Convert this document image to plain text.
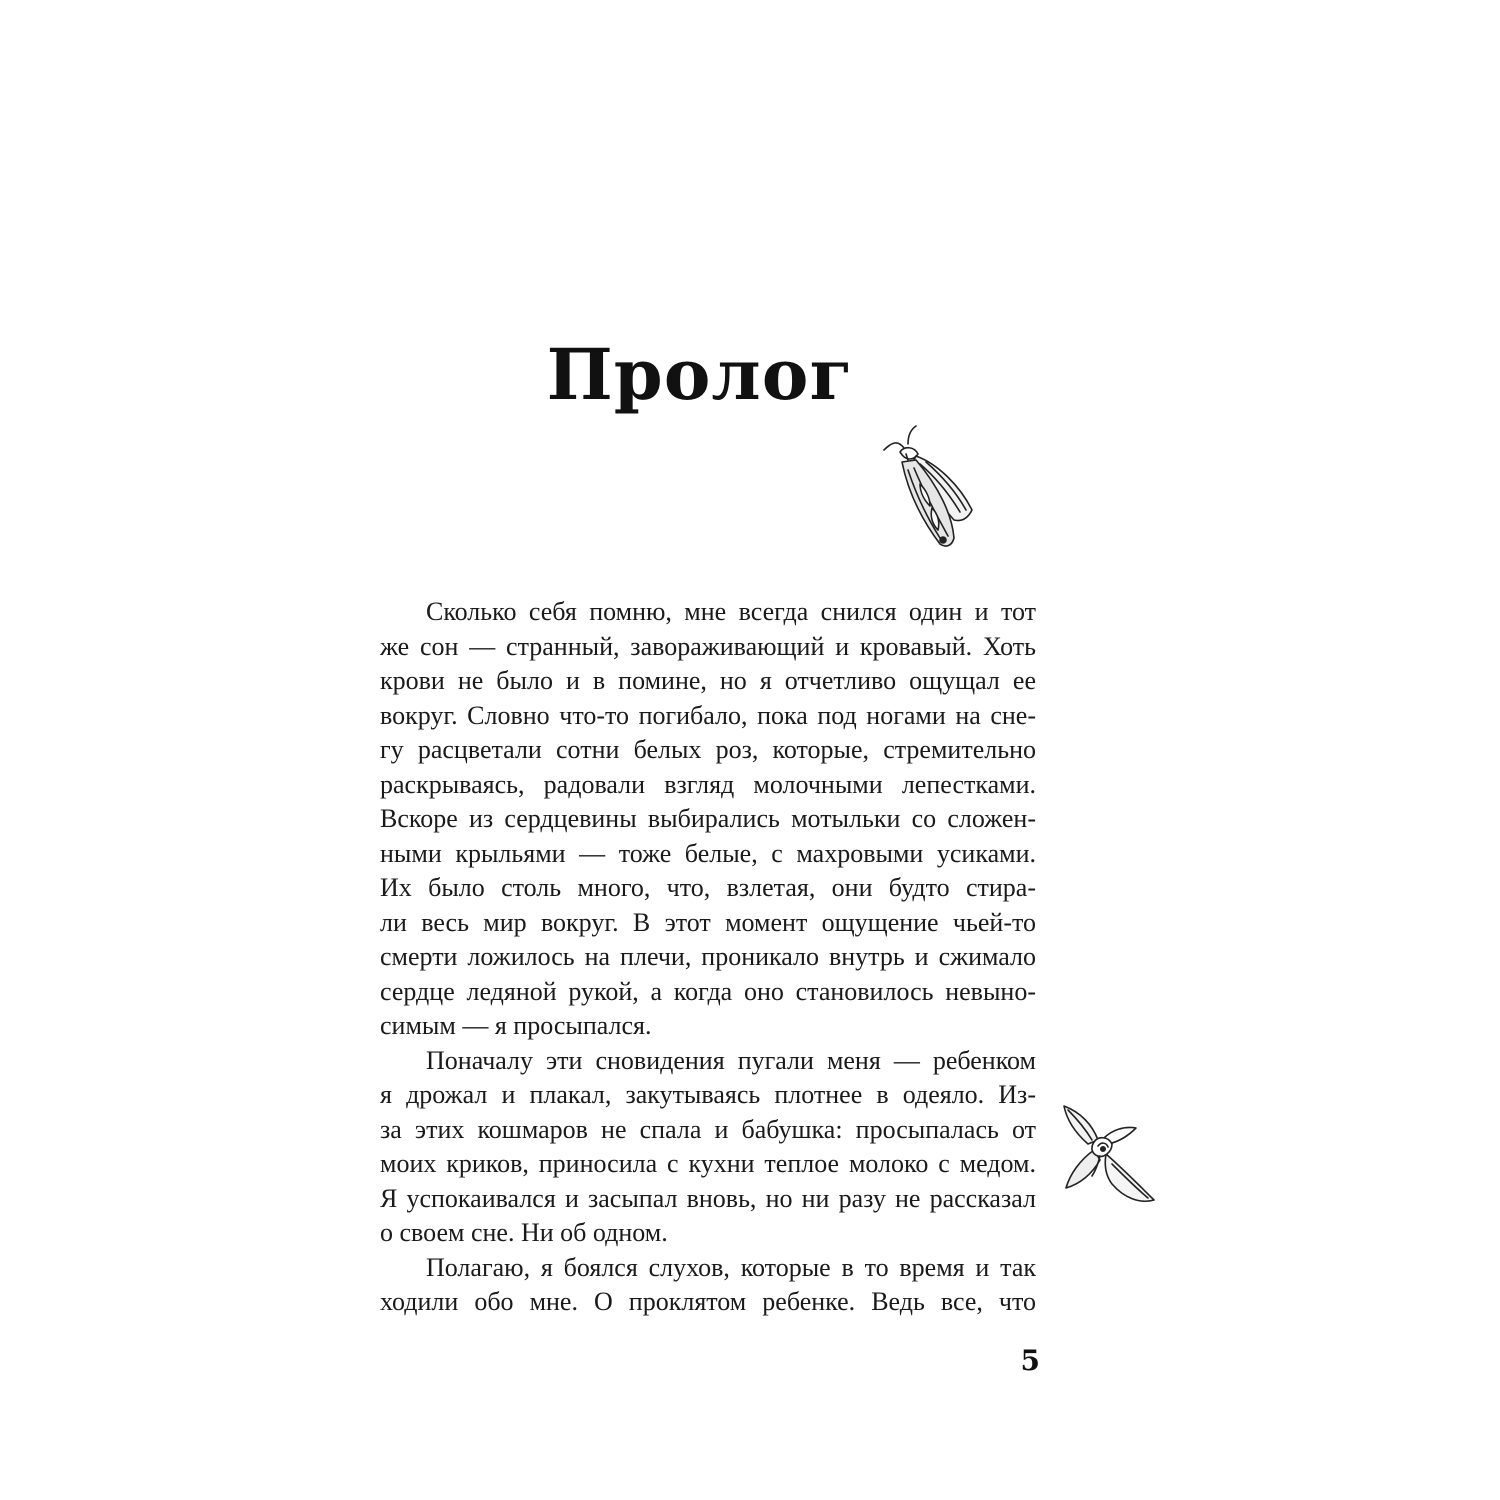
Пролог

Сколько себя помню, мне всегда снился один и тот
же сон — странный, завораживающий и кровавый. Хоть
крови не было и в помине, но я отчетливо ощущал ее
вокруг. Словно что-то погибало, пока под ногами на сне-
гу расцветали сотни белых роз, которые, стремительно
раскрываясь, радовали взгляд молочными лепестками.
Вскоре из сердцевины выбирались мотыльки со сложен-
ными крыльями — тоже белые, с махровыми усиками.
Их было столь много, что, взлетая, они будто стира-
ли весь мир вокруг. В этот момент ощущение чьей-то
смерти ложилось на плечи, проникало внутрь и сжимало
сердце ледяной рукой, а когда оно становилось невыно-
симым — я просыпался.

Поначалу эти сновидения пугали меня — ребенком
я дрожал и плакал, закутываясь плотнее в одеяло. Из-
за этих кошмаров не спала и бабушка: просыпалась от
моих криков, приносила с кухни теплое молоко с медом.
Я успокаивался и засыпал вновь, но ни разу не рассказал
о своем сне. Ни об одном.

Полагаю, я боялся слухов, которые в то время и так
ходили обо мне. О проклятом ребенке. Ведь все, что

5
